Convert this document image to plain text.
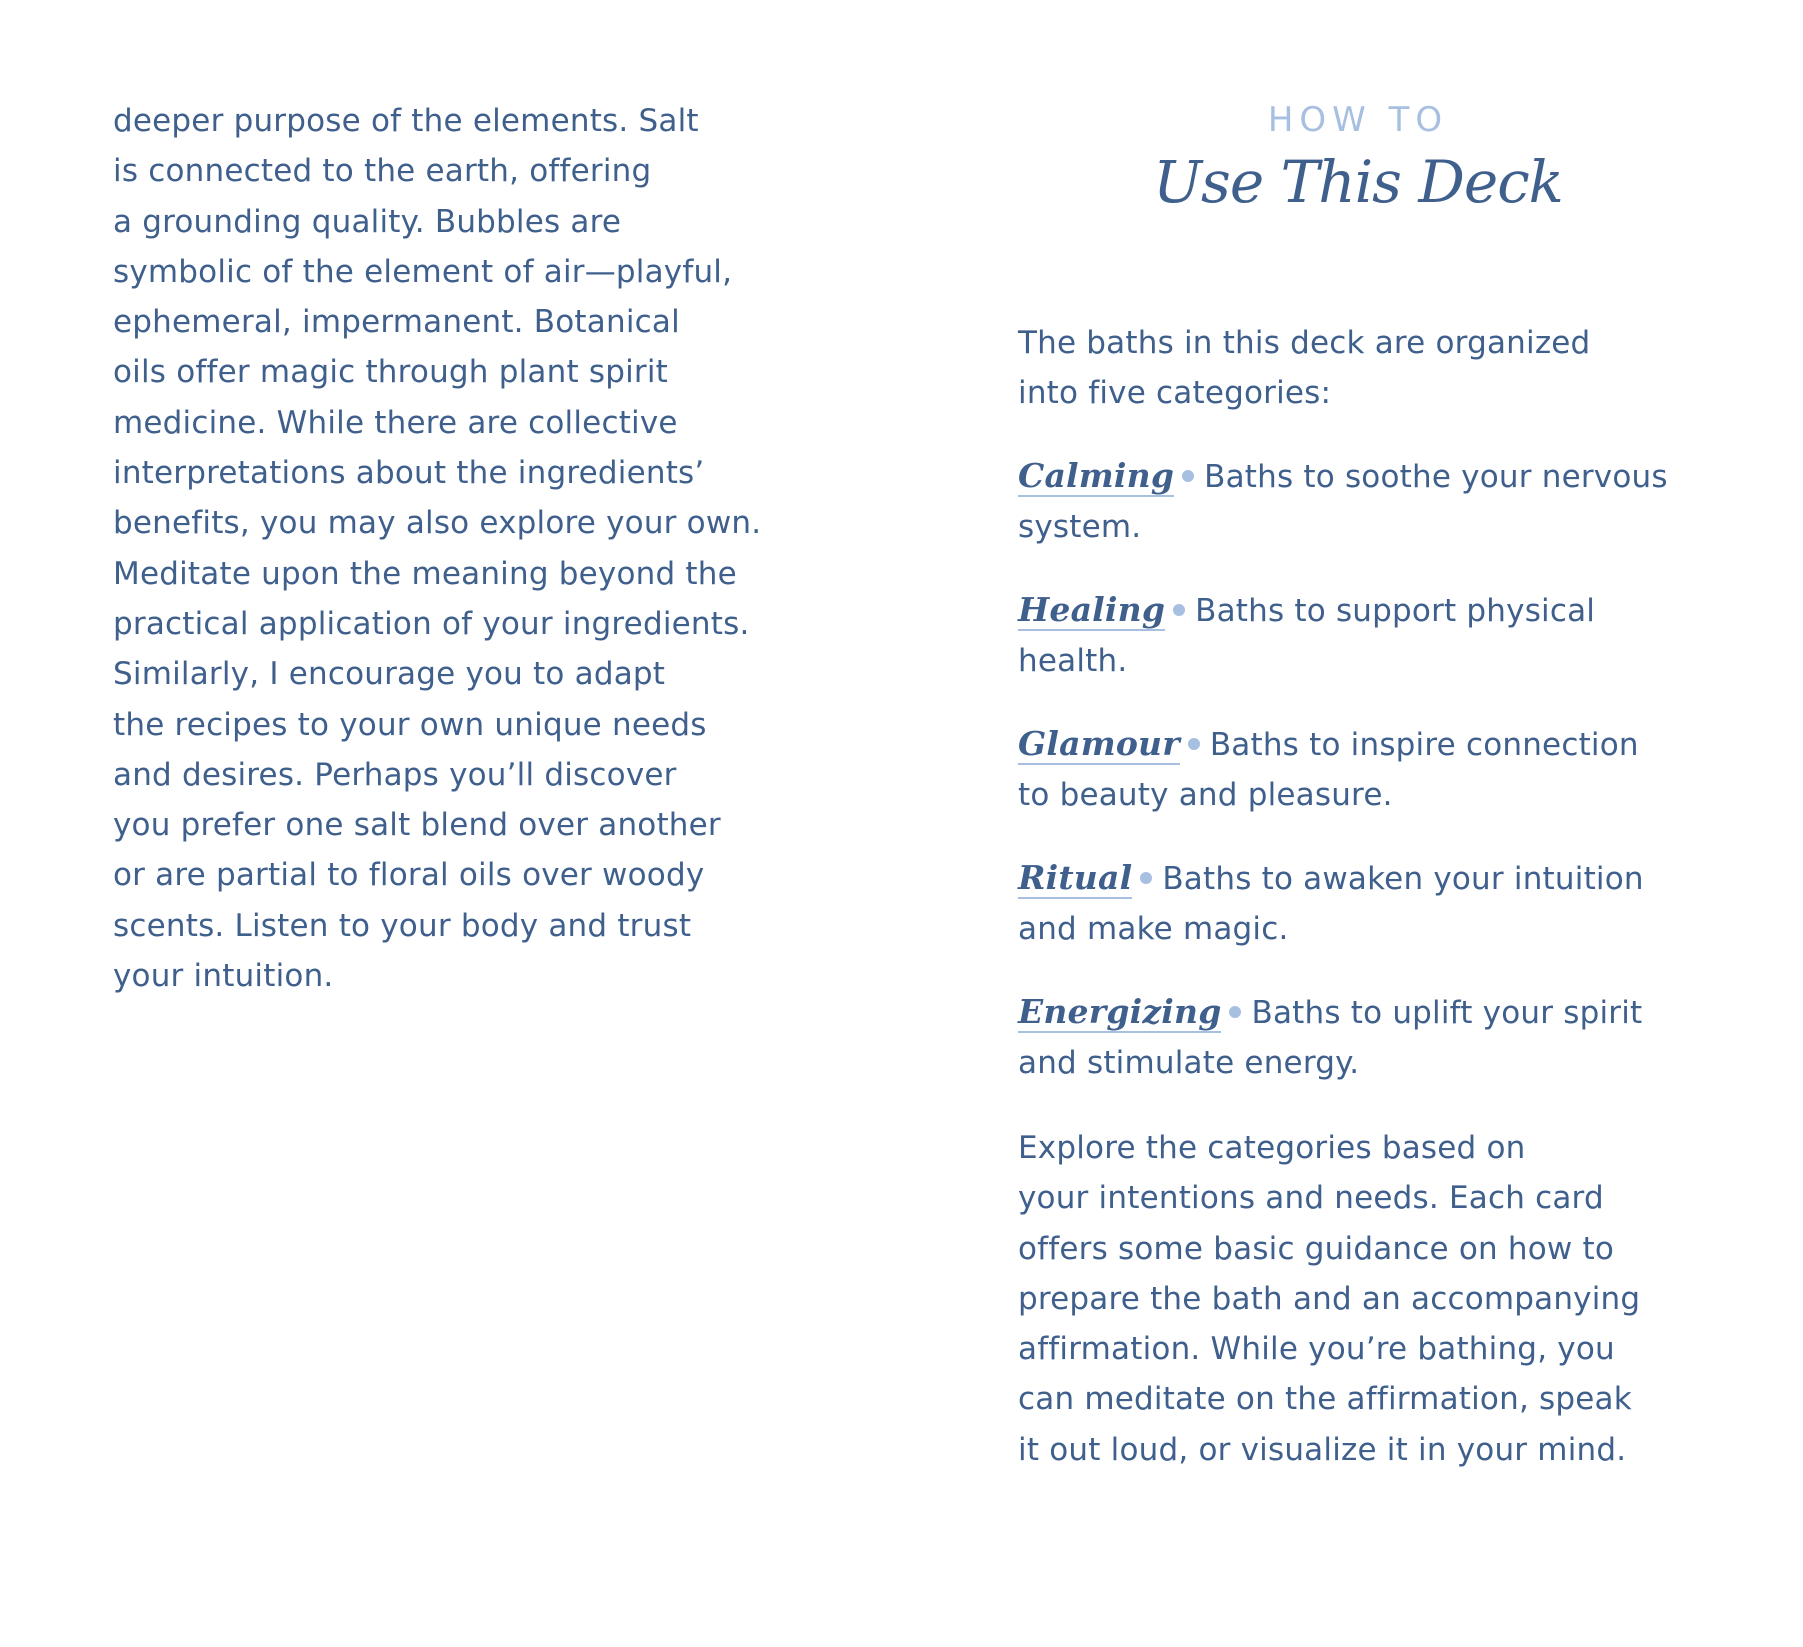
deeper purpose of the elements. Salt
is connected to the earth, offering
a grounding quality. Bubbles are
symbolic of the element of air—playful,
ephemeral, impermanent. Botanical
oils offer magic through plant spirit
medicine. While there are collective
interpretations about the ingredients’
benefits, you may also explore your own.
Meditate upon the meaning beyond the
practical application of your ingredients.
Similarly, I encourage you to adapt
the recipes to your own unique needs
and desires. Perhaps you’ll discover
you prefer one salt blend over another
or are partial to floral oils over woody
scents. Listen to your body and trust
your intuition.
HOW TO
Use This Deck
The baths in this deck are organized
into five categories:
Calming Baths to soothe your nervous
system.
Healing Baths to support physical
health.
Glamour Baths to inspire connection
to beauty and pleasure.
Ritual Baths to awaken your intuition
and make magic.
Energizing Baths to uplift your spirit
and stimulate energy.
Explore the categories based on
your intentions and needs. Each card
offers some basic guidance on how to
prepare the bath and an accompanying
affirmation. While you’re bathing, you
can meditate on the affirmation, speak
it out loud, or visualize it in your mind.
